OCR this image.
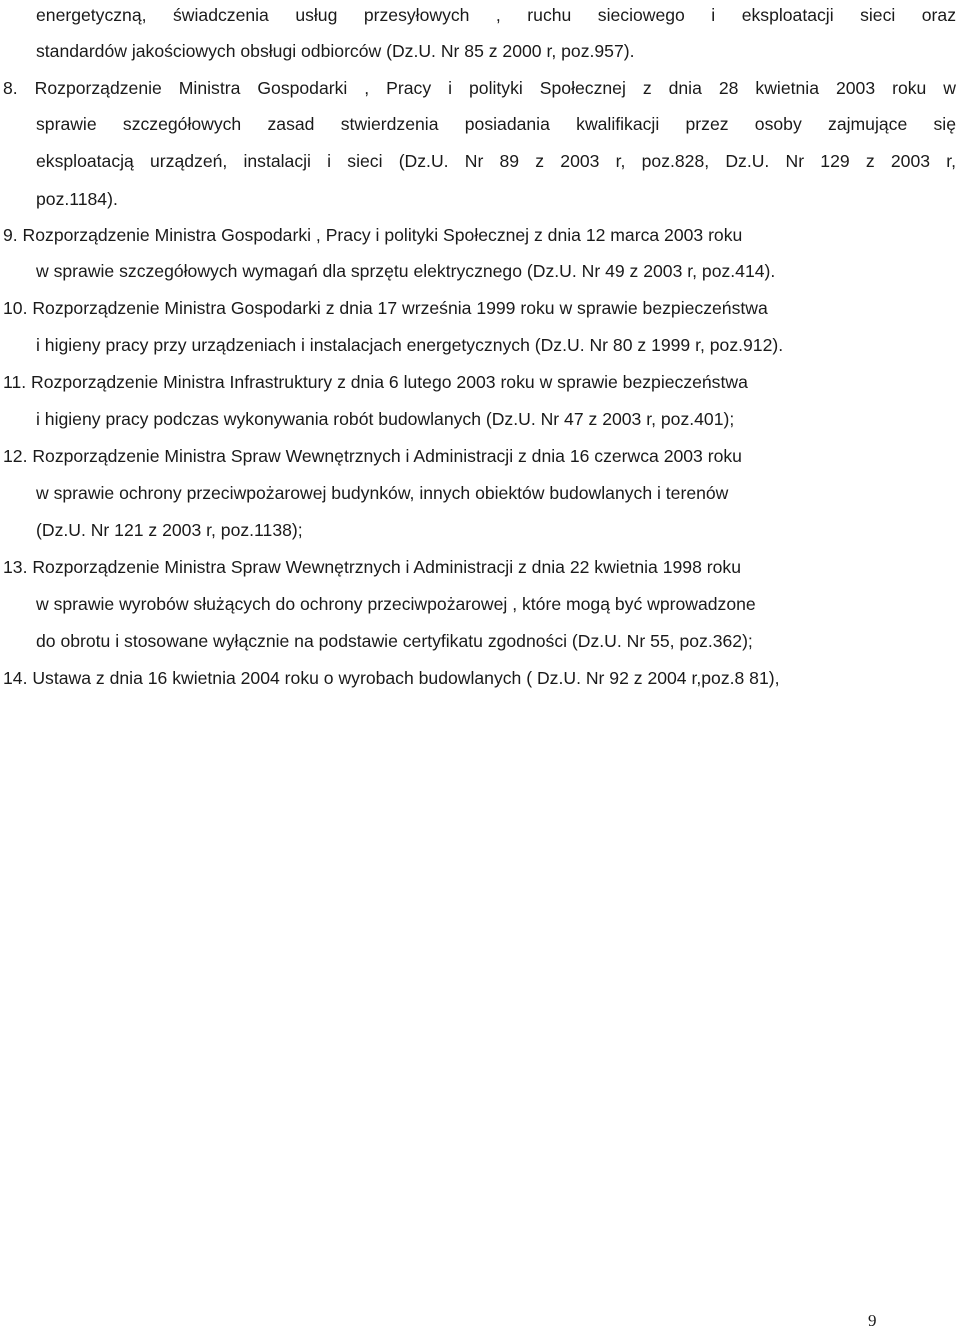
energetyczną, świadczenia usług przesyłowych , ruchu sieciowego i eksploatacji sieci oraz
standardów jakościowych obsługi odbiorców (Dz.U. Nr 85 z 2000 r, poz.957).
8. Rozporządzenie Ministra Gospodarki , Pracy i polityki Społecznej z dnia 28 kwietnia 2003 roku w
sprawie szczegółowych zasad stwierdzenia posiadania kwalifikacji przez osoby zajmujące się
eksploatacją urządzeń, instalacji i sieci (Dz.U. Nr 89 z 2003 r, poz.828, Dz.U. Nr 129 z 2003 r,
poz.1184).
9. Rozporządzenie Ministra Gospodarki , Pracy i polityki Społecznej z dnia 12 marca 2003 roku
w sprawie szczegółowych wymagań dla sprzętu elektrycznego (Dz.U. Nr 49 z 2003 r, poz.414).
10. Rozporządzenie Ministra Gospodarki z dnia 17 września 1999 roku w sprawie bezpieczeństwa
i higieny pracy przy urządzeniach i instalacjach energetycznych (Dz.U. Nr 80 z 1999 r, poz.912).
11. Rozporządzenie Ministra Infrastruktury z dnia 6 lutego 2003 roku w sprawie bezpieczeństwa
i higieny pracy podczas wykonywania robót budowlanych (Dz.U. Nr 47 z 2003 r, poz.401);
12. Rozporządzenie Ministra Spraw Wewnętrznych i Administracji z dnia 16 czerwca 2003 roku
w sprawie ochrony przeciwpożarowej budynków, innych obiektów budowlanych i terenów
(Dz.U. Nr 121 z 2003 r, poz.1138);
13. Rozporządzenie Ministra Spraw Wewnętrznych i Administracji z dnia 22 kwietnia 1998 roku
w sprawie wyrobów służących do ochrony przeciwpożarowej , które mogą być wprowadzone
do obrotu i stosowane wyłącznie na podstawie certyfikatu zgodności (Dz.U. Nr 55, poz.362);
14. Ustawa z dnia 16 kwietnia 2004 roku o wyrobach budowlanych ( Dz.U. Nr 92 z 2004 r,poz.8 81),
9
